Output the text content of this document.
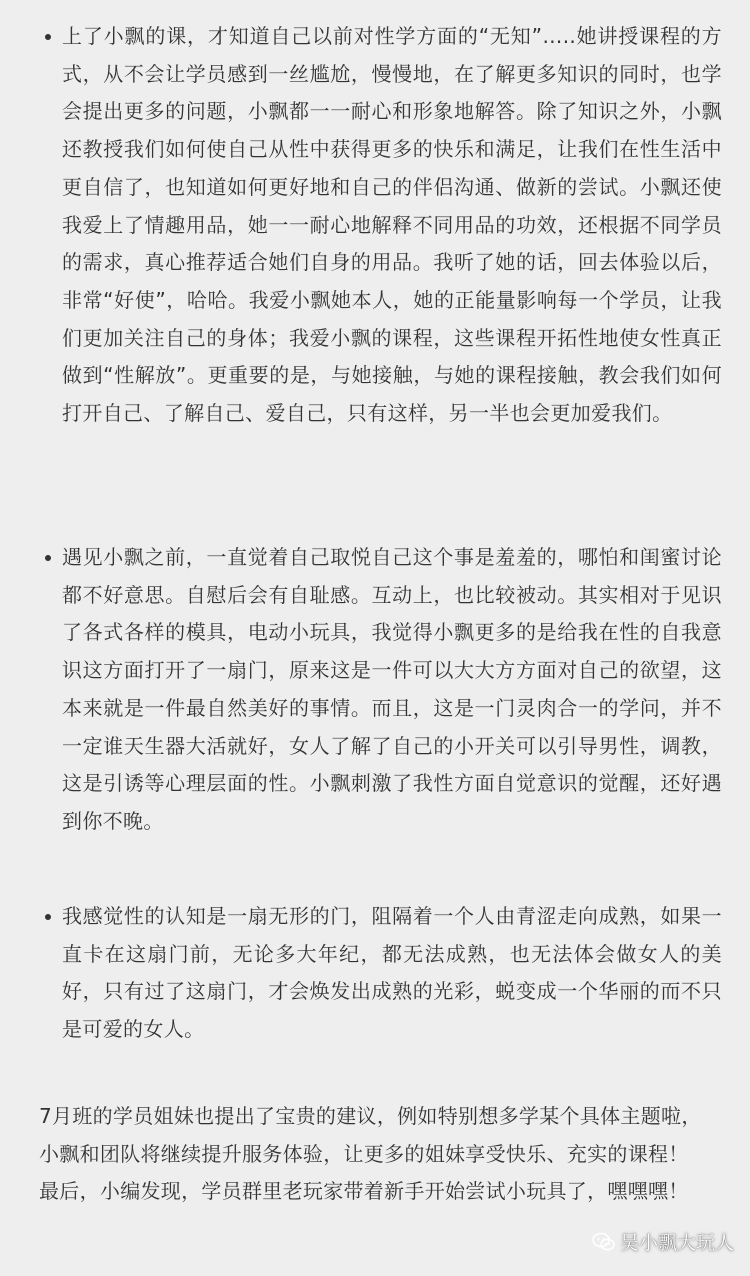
上了小飘的课，才知道自己以前对性学方面的“无知”…..她讲授课程的方式，从不会让学员感到一丝尴尬，慢慢地，在了解更多知识的同时，也学会提出更多的问题，小飘都一一耐心和形象地解答。除了知识之外，小飘还教授我们如何使自己从性中获得更多的快乐和满足，让我们在性生活中更自信了，也知道如何更好地和自己的伴侣沟通、做新的尝试。小飘还使我爱上了情趣用品，她一一耐心地解释不同用品的功效，还根据不同学员的需求，真心推荐适合她们自身的用品。我听了她的话，回去体验以后，非常“好使”，哈哈。我爱小飘她本人，她的正能量影响每一个学员，让我们更加关注自己的身体；我爱小飘的课程，这些课程开拓性地使女性真正做到“性解放”。更重要的是，与她接触，与她的课程接触，教会我们如何打开自己、了解自己、爱自己，只有这样，另一半也会更加爱我们。
遇见小飘之前，一直觉着自己取悦自己这个事是羞羞的，哪怕和闺蜜讨论都不好意思。自慰后会有自耻感。互动上，也比较被动。其实相对于见识了各式各样的模具，电动小玩具，我觉得小飘更多的是给我在性的自我意识这方面打开了一扇门，原来这是一件可以大大方方面对自己的欲望，这本来就是一件最自然美好的事情。而且，这是一门灵肉合一的学问，并不一定谁天生器大活就好，女人了解了自己的小开关可以引导男性，调教，这是引诱等心理层面的性。小飘刺激了我性方面自觉意识的觉醒，还好遇到你不晚。
我感觉性的认知是一扇无形的门，阻隔着一个人由青涩走向成熟，如果一直卡在这扇门前，无论多大年纪，都无法成熟，也无法体会做女人的美好，只有过了这扇门，才会焕发出成熟的光彩，蜕变成一个华丽的而不只是可爱的女人。
7月班的学员姐妹也提出了宝贵的建议，例如特别想多学某个具体主题啦，
小飘和团队将继续提升服务体验，让更多的姐妹享受快乐、充实的课程！
最后，小编发现，学员群里老玩家带着新手开始尝试小玩具了，嘿嘿嘿！
吴小飘大玩人
